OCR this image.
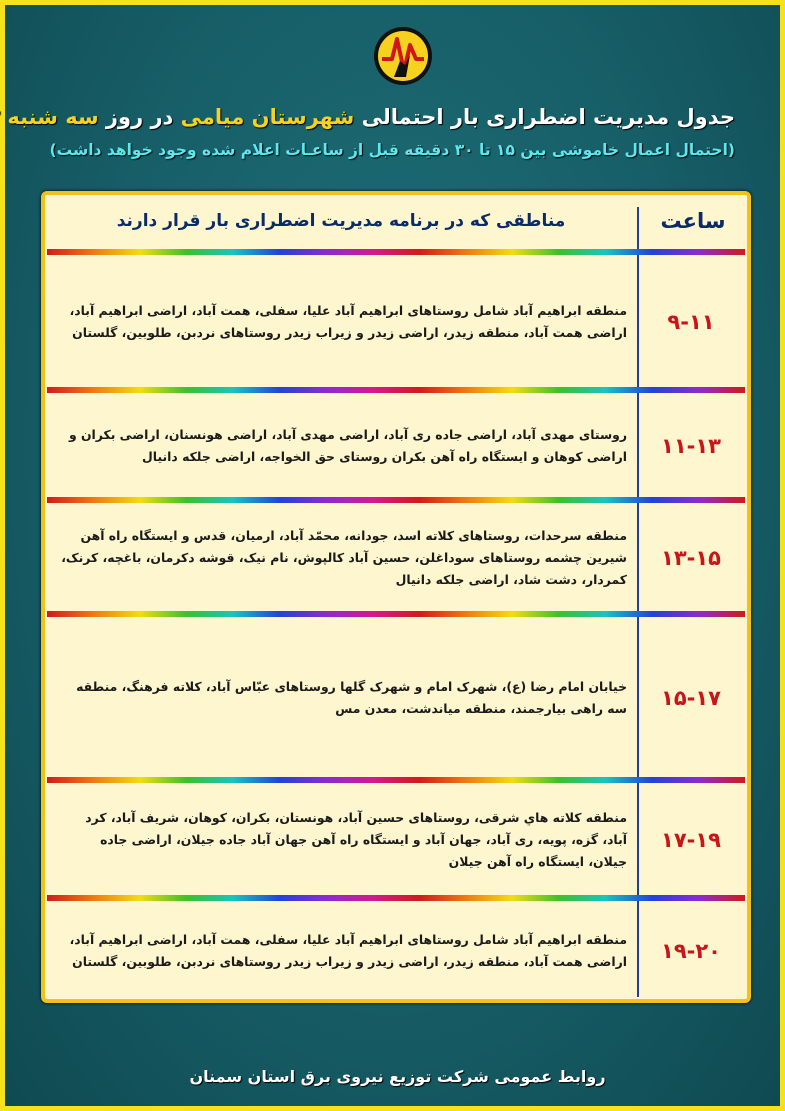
جدول مدیریت اضطراری بار احتمالی شهرستان میامی در روز سه شنبه
(احتمال اعمال خاموشی بین ۱۵ تا ۳۰ دقیقه قبل از ساعـات اعلام شده وجود خواهد داشت)
ساعت
مناطقی که در برنامه مدیریت اضطراری بار قرار دارند
۹-۱۱
منطقه ابراهیم آباد شامل روستاهای ابراهیم آباد علیا، سفلی، همت آباد، اراضی ابراهیم آباد، اراضی همت آباد، منطقه زیدر، اراضی زیدر و زیراب زیدر روستاهای نردبن، طلوبین، گلستان
۱۱-۱۳
روستای مهدی آباد، اراضی جاده ری آباد، اراضی مهدی آباد، اراضی هونسنان، اراضی بکران و اراضی کوهان و ایستگاه راه آهن بکران روستای حق الخواجه، اراضی جلکه دانیال
۱۳-۱۵
منطقه سرحدات، روستاهای کلاته اسد، جودانه، محمّد آباد، ارمیان، قدس و ایستگاه راه آهن شیرین چشمه روستاهای سوداغلن، حسین آباد کالپوش، نام نیک، قوشه دکرمان، باغچه، کرنک، کمردار، دشت شاد، اراضی جلکه دانیال
۱۵-۱۷
خیابان امام رضا (ع)، شهرک امام و شهرک گلها روستاهای عبّاس آباد، کلاته فرهنگ، منطقه سه راهی بیارجمند، منطقه میاندشت، معدن مس
۱۷-۱۹
منطقه کلاته هاي شرقی، روستاهای حسین آباد، هونستان، بکران، کوهان، شریف آباد، کرد آباد، گزه، پویه، ری آباد، جهان آباد و ایستگاه راه آهن جهان آباد جاده جیلان، اراضی جاده جیلان، ایستگاه راه آهن جیلان
۱۹-۲۰
منطقه ابراهیم آباد شامل روستاهای ابراهیم آباد علیا، سفلی، همت آباد، اراضی ابراهیم آباد، اراضی همت آباد، منطقه زیدر، اراضی زیدر و زیراب زیدر روستاهای نردبن، طلوبین، گلستان
روابط عمومی شرکت توزیع نیروی برق استان سمنان
